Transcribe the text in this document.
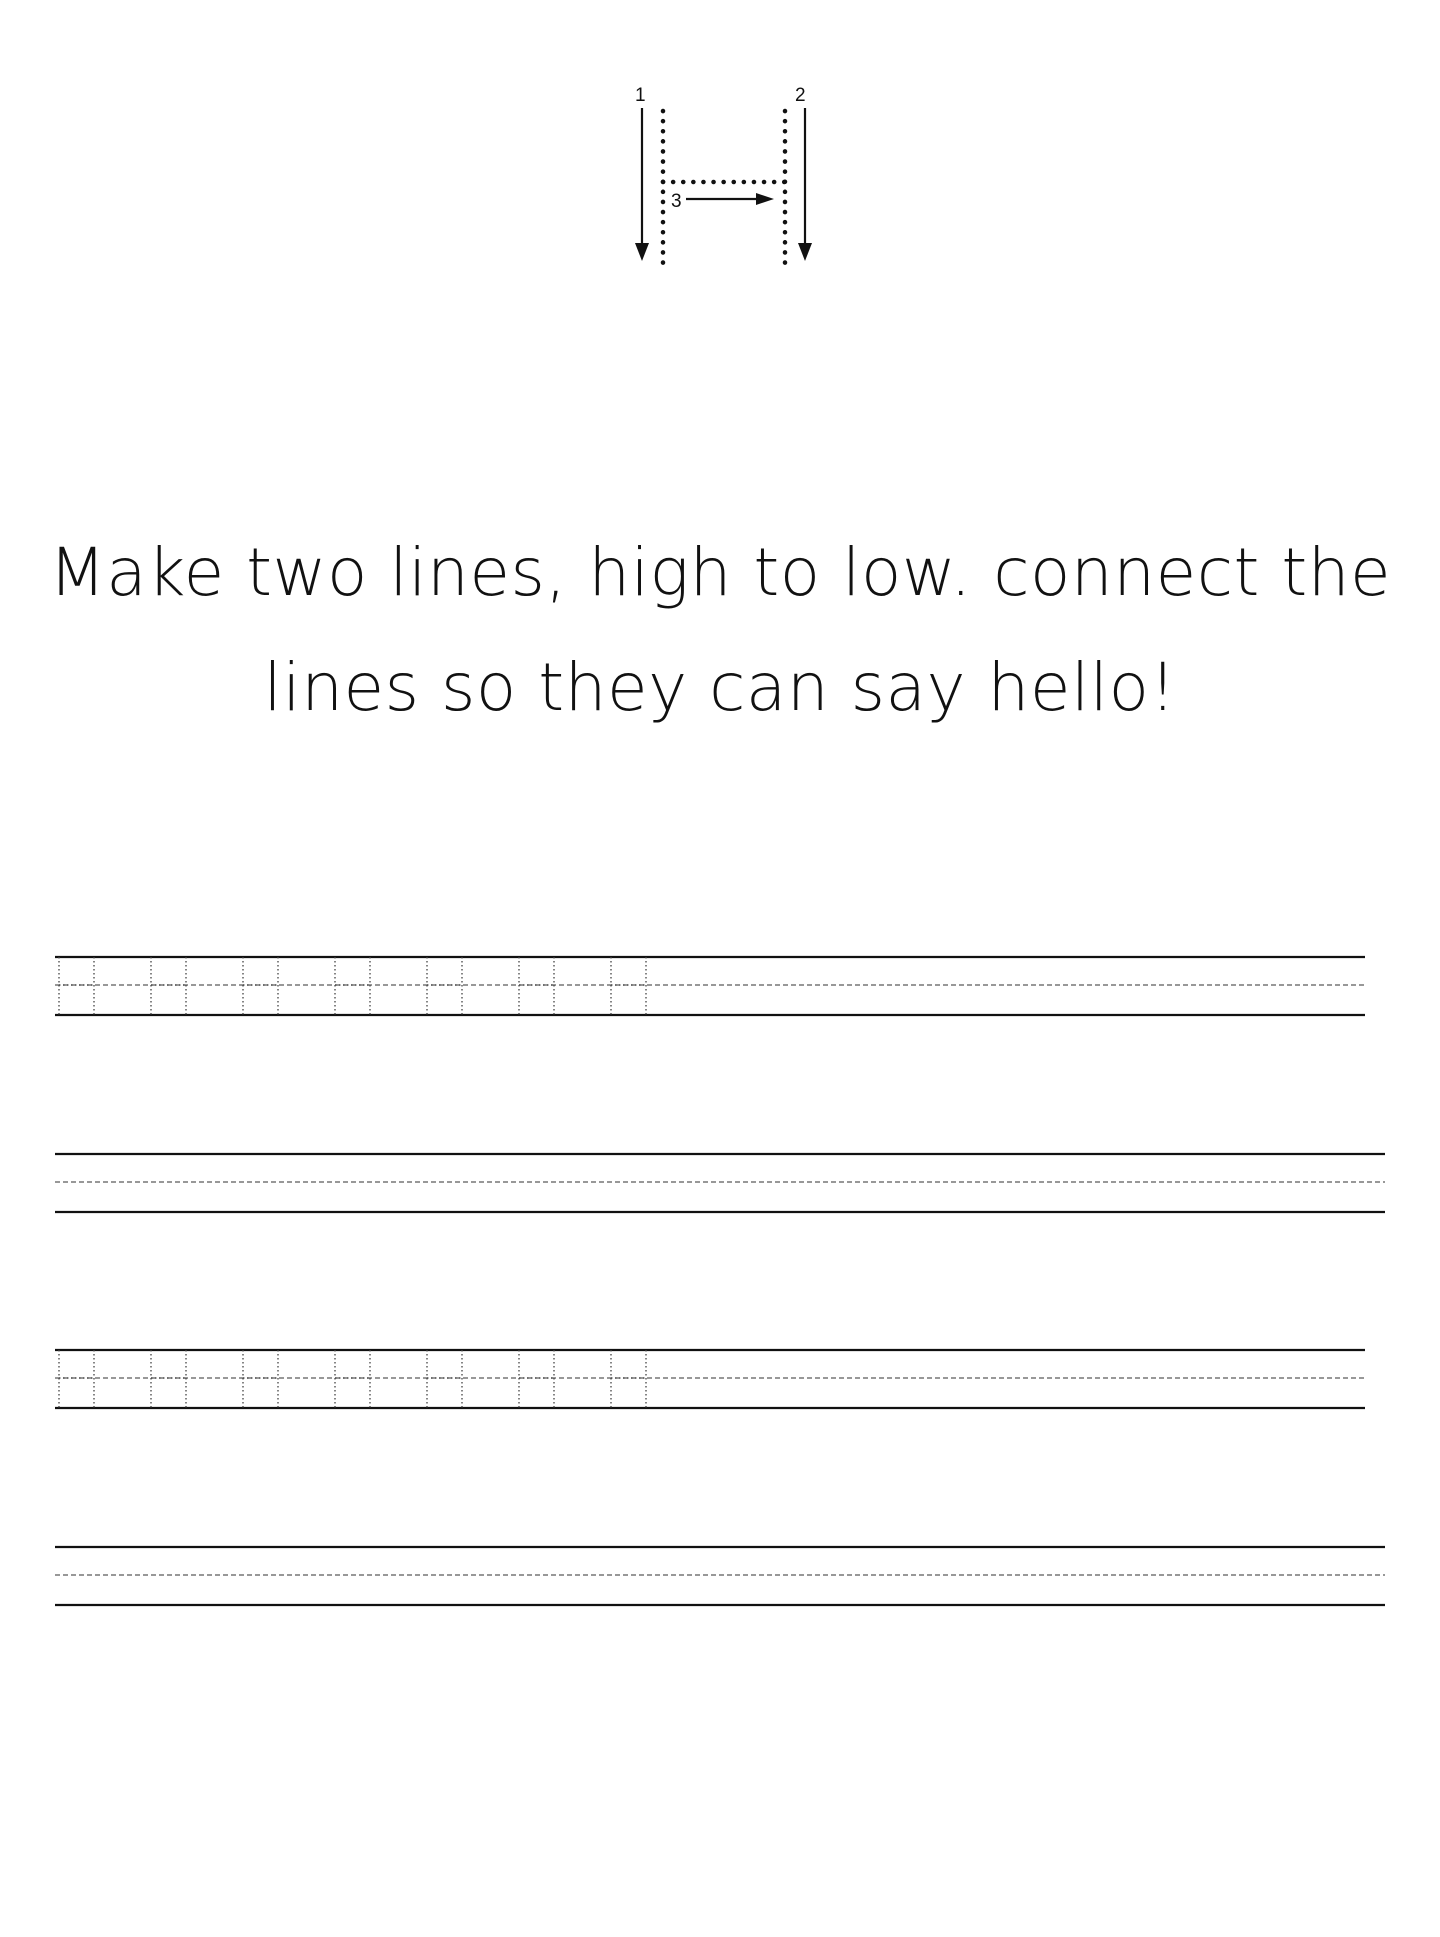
1	2
3
Make two lines, high to low. connect the
lines so they can say hello!
